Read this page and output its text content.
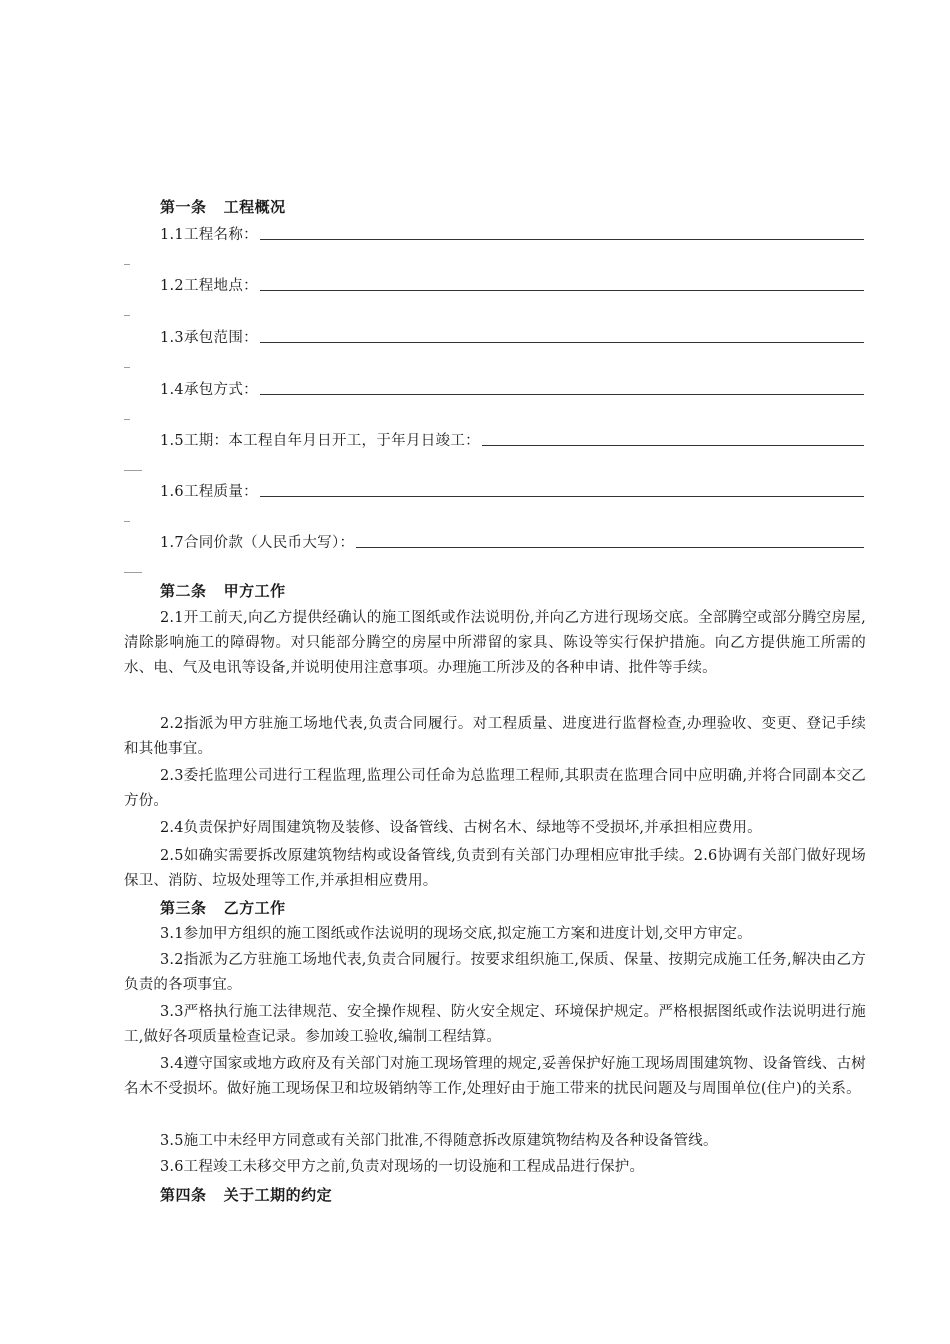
第一条   工程概况
1.1工程名称：
_
1.2工程地点：
_
1.3承包范围：
_
1.4承包方式：
_
1.5工期：本工程自年月日开工，于年月日竣工：
___
1.6工程质量：
_
1.7合同价款（人民币大写）：
___
第二条   甲方工作

2.1开工前天,向乙方提供经确认的施工图纸或作法说明份,并向乙方进行现场交底。全部腾空或部分腾空房屋,清除影响施工的障碍物。对只能部分腾空的房屋中所滞留的家具、陈设等实行保护措施。向乙方提供施工所需的水、电、气及电讯等设备,并说明使用注意事项。办理施工所涉及的各种申请、批件等手续。

2.2指派为甲方驻施工场地代表,负责合同履行。对工程质量、进度进行监督检查,办理验收、变更、登记手续和其他事宜。

2.3委托监理公司进行工程监理,监理公司任命为总监理工程师,其职责在监理合同中应明确,并将合同副本交乙方份。

2.4负责保护好周围建筑物及装修、设备管线、古树名木、绿地等不受损坏,并承担相应费用。

2.5如确实需要拆改原建筑物结构或设备管线,负责到有关部门办理相应审批手续。2.6协调有关部门做好现场保卫、消防、垃圾处理等工作,并承担相应费用。

第三条   乙方工作

3.1参加甲方组织的施工图纸或作法说明的现场交底,拟定施工方案和进度计划,交甲方审定。

3.2指派为乙方驻施工场地代表,负责合同履行。按要求组织施工,保质、保量、按期完成施工任务,解决由乙方负责的各项事宜。

3.3严格执行施工法律规范、安全操作规程、防火安全规定、环境保护规定。严格根据图纸或作法说明进行施工,做好各项质量检查记录。参加竣工验收,编制工程结算。

3.4遵守国家或地方政府及有关部门对施工现场管理的规定,妥善保护好施工现场周围建筑物、设备管线、古树名木不受损坏。做好施工现场保卫和垃圾销纳等工作,处理好由于施工带来的扰民问题及与周围单位(住户)的关系。

3.5施工中未经甲方同意或有关部门批准,不得随意拆改原建筑物结构及各种设备管线。

3.6工程竣工未移交甲方之前,负责对现场的一切设施和工程成品进行保护。

第四条   关于工期的约定
